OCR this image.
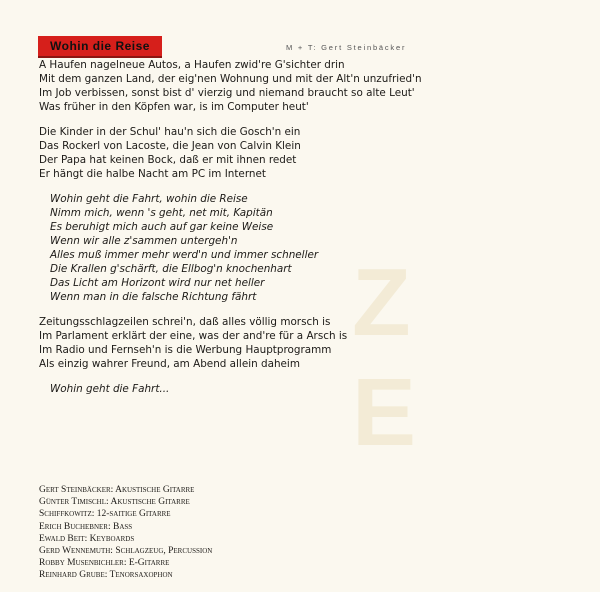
Z E
Wohin die Reise	M + T: Gert Steinbäcker
A Haufen nagelneue Autos, a Haufen zwid're G'sichter drin
Mit dem ganzen Land, der eig'nen Wohnung und mit der Alt'n unzufried'n
Im Job verbissen, sonst bist d' vierzig und niemand braucht so alte Leut'
Was früher in den Köpfen war, is im Computer heut'
Die Kinder in der Schul' hau'n sich die Gosch'n ein
Das Rockerl von Lacoste, die Jean von Calvin Klein
Der Papa hat keinen Bock, daß er mit ihnen redet
Er hängt die halbe Nacht am PC im Internet
Wohin geht die Fahrt, wohin die Reise
Nimm mich, wenn 's geht, net mit, Kapitän
Es beruhigt mich auch auf gar keine Weise
Wenn wir alle z'sammen untergeh'n
Alles muß immer mehr werd'n und immer schneller
Die Krallen g'schärft, die Ellbog'n knochenhart
Das Licht am Horizont wird nur net heller
Wenn man in die falsche Richtung fährt
Zeitungsschlagzeilen schrei'n, daß alles völlig morsch is
Im Parlament erklärt der eine, was der and're für a Arsch is
Im Radio und Fernseh'n is die Werbung Hauptprogramm
Als einzig wahrer Freund, am Abend allein daheim
Wohin geht die Fahrt...
Gert Steinbäcker: Akustische Gitarre
Günter Timischl: Akustische Gitarre
Schiffkowitz: 12-saitige Gitarre
Erich Buchebner: Bass
Ewald Beit: Keyboards
Gerd Wennemuth: Schlagzeug, Percussion
Robby Musenbichler: E-Gitarre
Reinhard Grube: Tenorsaxophon
